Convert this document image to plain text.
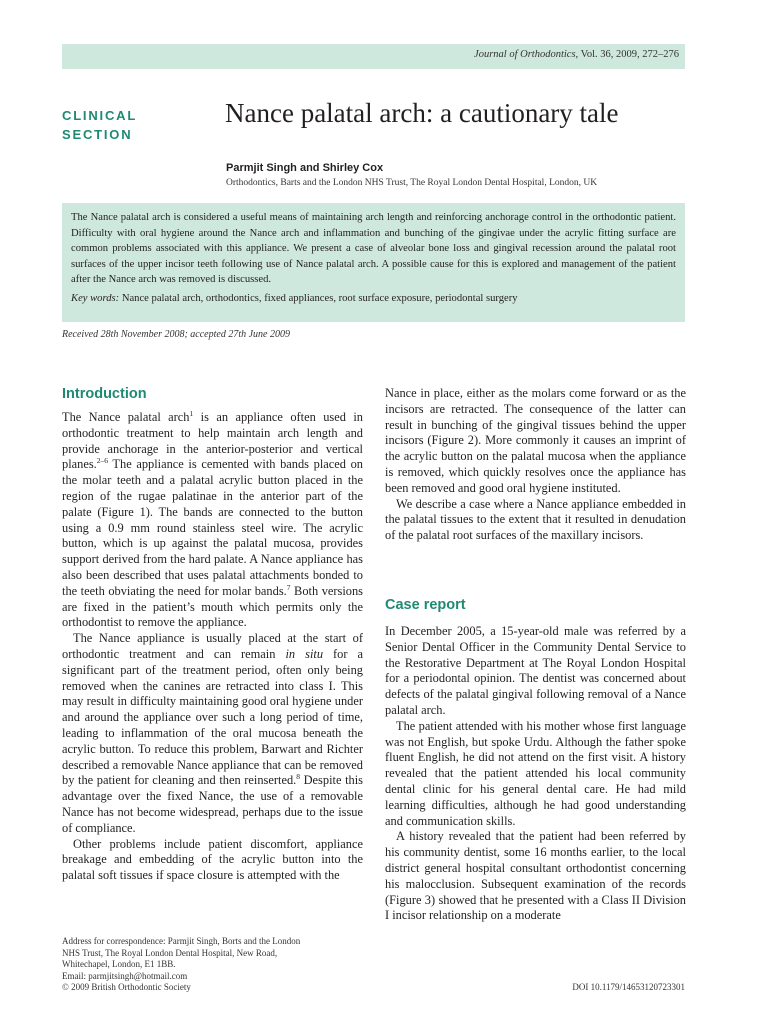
Journal of Orthodontics, Vol. 36, 2009, 272–276
CLINICAL SECTION
Nance palatal arch: a cautionary tale
Parmjit Singh and Shirley Cox
Orthodontics, Barts and the London NHS Trust, The Royal London Dental Hospital, London, UK

The Nance palatal arch is considered a useful means of maintaining arch length and reinforcing anchorage control in the orthodontic patient. Difficulty with oral hygiene around the Nance arch and inflammation and bunching of the gingivae under the acrylic fitting surface are common problems associated with this appliance. We present a case of alveolar bone loss and gingival recession around the palatal root surfaces of the upper incisor teeth following use of Nance palatal arch. A possible cause for this is explored and management of the patient after the Nance arch was removed is discussed.

Key words: Nance palatal arch, orthodontics, fixed appliances, root surface exposure, periodontal surgery

Received 28th November 2008; accepted 27th June 2009
Introduction

The Nance palatal arch$^1$ is an appliance often used in orthodontic treatment to help maintain arch length and provide anchorage in the anterior-posterior and vertical planes.$^{2-6}$ The appliance is cemented with bands placed on the molar teeth and a palatal acrylic button placed in the region of the rugae palatinae in the anterior part of the palate (Figure 1). The bands are connected to the button using a 0.9 mm round stainless steel wire. The acrylic button, which is up against the palatal mucosa, provides support derived from the hard palate. A Nance appliance has also been described that uses palatal attachments bonded to the teeth obviating the need for molar bands.$^7$ Both versions are fixed in the patient’s mouth which permits only the orthodontist to remove the appliance.

The Nance appliance is usually placed at the start of orthodontic treatment and can remain in situ for a significant part of the treatment period, often only being removed when the canines are retracted into class I. This may result in difficulty maintaining good oral hygiene under and around the appliance over such a long period of time, leading to inflammation of the oral mucosa beneath the acrylic button. To reduce this problem, Barwart and Richter described a removable Nance appliance that can be removed by the patient for cleaning and then reinserted.$^8$ Despite this advantage over the fixed Nance, the use of a removable Nance has not become widespread, perhaps due to the issue of compliance.

Other problems include patient discomfort, appliance breakage and embedding of the acrylic button into the palatal soft tissues if space closure is attempted with the

Nance in place, either as the molars come forward or as the incisors are retracted. The consequence of the latter can result in bunching of the gingival tissues behind the upper incisors (Figure 2). More commonly it causes an imprint of the acrylic button on the palatal mucosa when the appliance is removed, which quickly resolves once the appliance has been removed and good oral hygiene instituted.

We describe a case where a Nance appliance embedded in the palatal tissues to the extent that it resulted in denudation of the palatal root surfaces of the maxillary incisors.

Case report

In December 2005, a 15-year-old male was referred by a Senior Dental Officer in the Community Dental Service to the Restorative Department at The Royal London Hospital for a periodontal opinion. The dentist was concerned about defects of the palatal gingival following removal of a Nance palatal arch.

The patient attended with his mother whose first language was not English, but spoke Urdu. Although the father spoke fluent English, he did not attend on the first visit. A history revealed that the patient attended his local community dental clinic for his general dental care. He had mild learning difficulties, although he had good understanding and communication skills.

A history revealed that the patient had been referred by his community dentist, some 16 months earlier, to the local district general hospital consultant orthodontist concerning his malocclusion. Subsequent examination of the records (Figure 3) showed that he presented with a Class II Division I incisor relationship on a moderate

Address for correspondence: Parmjit Singh, Borts and the London
NHS Trust, The Royal London Dental Hospital, New Road,
Whitechapel, London, E1 1BB.
Email: parmjitsingh@hotmail.com
© 2009 British Orthodontic Society	DOI 10.1179/14653120723301
